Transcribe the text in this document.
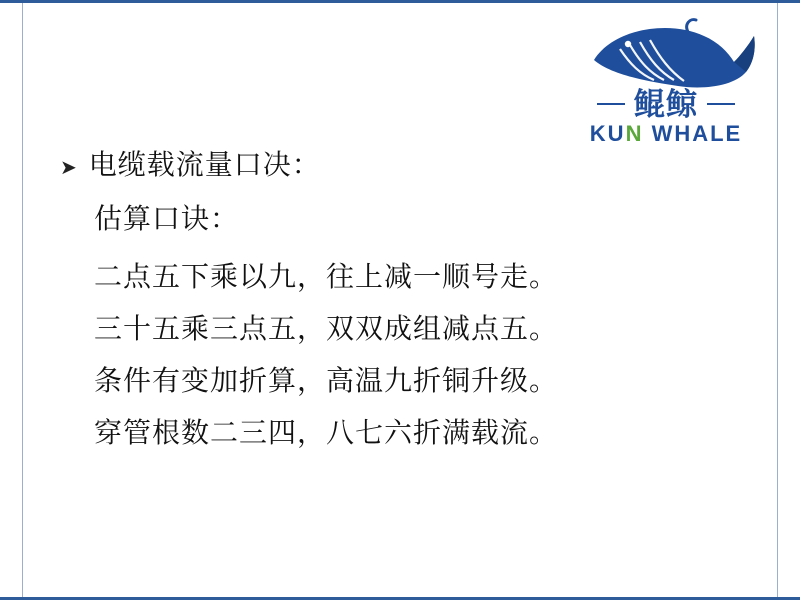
鲲鲸
KUN WHALE
➤ 电缆载流量口决：
估算口诀：
二点五下乘以九，往上减一顺号走。
三十五乘三点五，双双成组减点五。
条件有变加折算，高温九折铜升级。
穿管根数二三四，八七六折满载流。
